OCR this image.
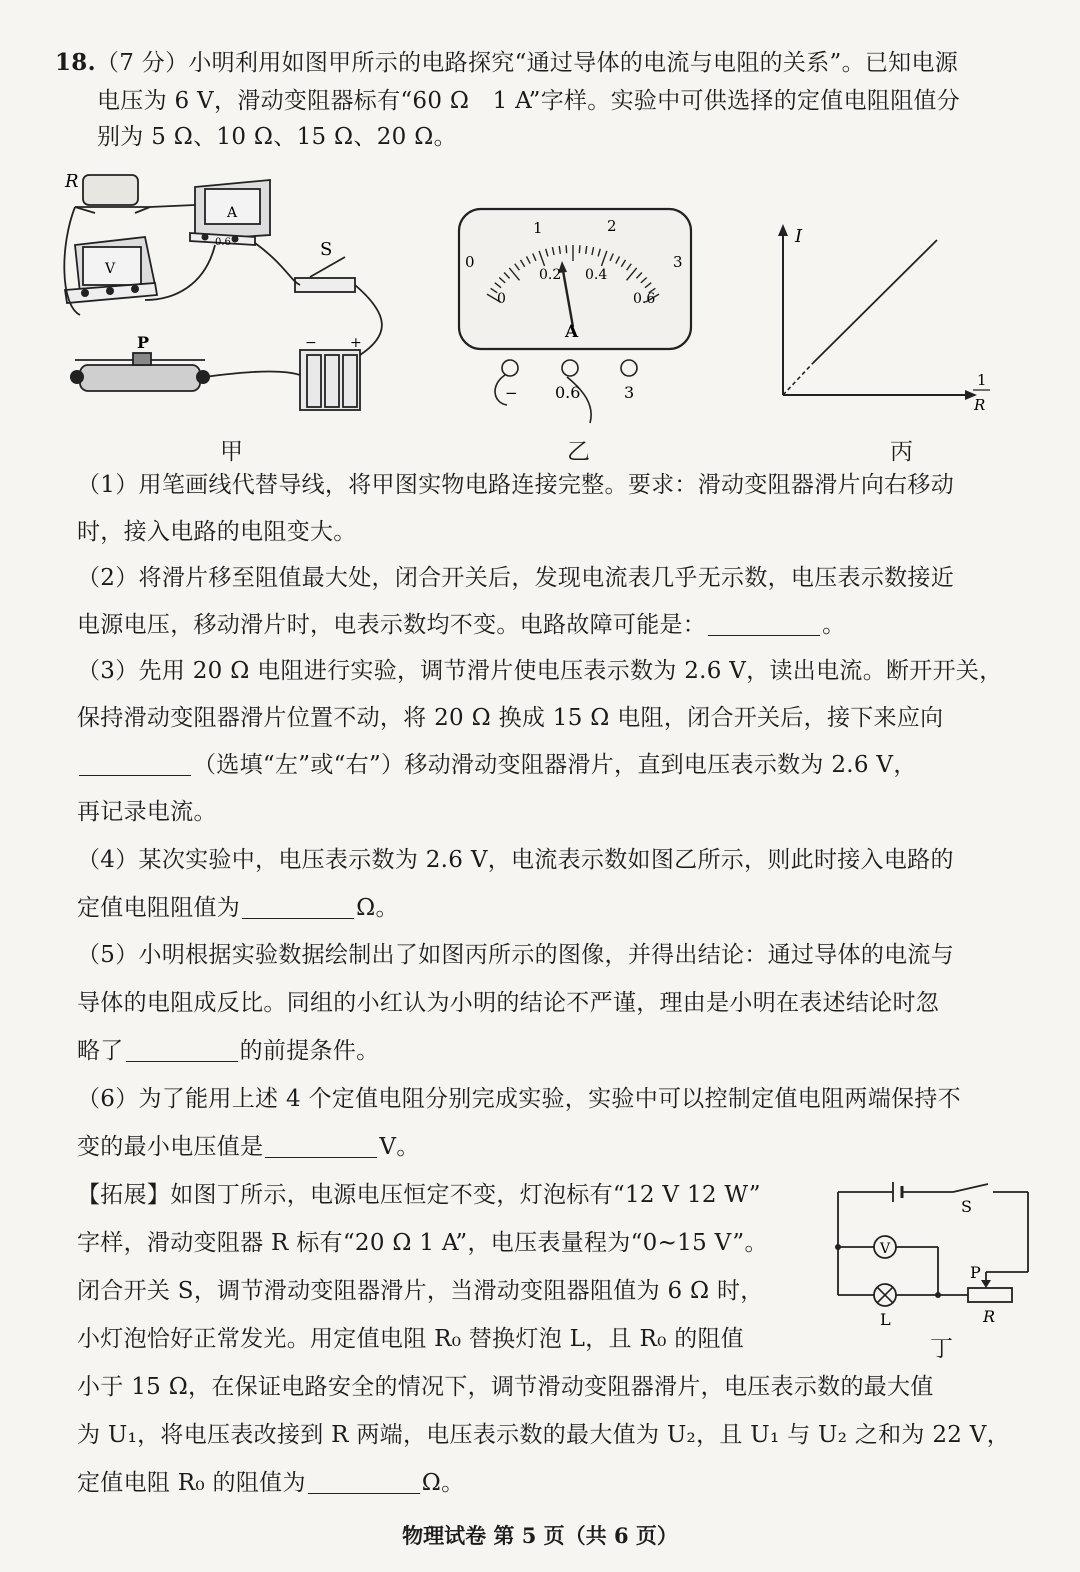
18.（7 分）小明利用如图甲所示的电路探究“通过导体的电流与电阻的关系”。已知电源
电压为 6 V，滑动变阻器标有“60 Ω　1 A”字样。实验中可供选择的定值电阻阻值分
别为 5 Ω、10 Ω、15 Ω、20 Ω。
R
S
P
A
V
0.6
− +
甲
0
1	2
3
0
0.2 0.4
0.6
A
− 0.6	3
乙
I
1
R
丙
（1）用笔画线代替导线，将甲图实物电路连接完整。要求：滑动变阻器滑片向右移动
时，接入电路的电阻变大。
（2）将滑片移至阻值最大处，闭合开关后，发现电流表几乎无示数，电压表示数接近
电源电压，移动滑片时，电表示数均不变。电路故障可能是：	。
（3）先用 20 Ω 电阻进行实验，调节滑片使电压表示数为 2.6 V，读出电流。断开开关，
保持滑动变阻器滑片位置不动，将 20 Ω 换成 15 Ω 电阻，闭合开关后，接下来应向
（选填“左”或“右”）移动滑动变阻器滑片，直到电压表示数为 2.6 V，
再记录电流。
（4）某次实验中，电压表示数为 2.6 V，电流表示数如图乙所示，则此时接入电路的
定值电阻阻值为	Ω。
（5）小明根据实验数据绘制出了如图丙所示的图像，并得出结论：通过导体的电流与
导体的电阻成反比。同组的小红认为小明的结论不严谨，理由是小明在表述结论时忽
略了	的前提条件。
（6）为了能用上述 4 个定值电阻分别完成实验，实验中可以控制定值电阻两端保持不
变的最小电压值是	V。
【拓展】如图丁所示，电源电压恒定不变，灯泡标有“12 V 12 W”
字样，滑动变阻器 R 标有“20 Ω 1 A”，电压表量程为“0~15 V”。
闭合开关 S，调节滑动变阻器滑片，当滑动变阻器阻值为 6 Ω 时，
小灯泡恰好正常发光。用定值电阻 R₀ 替换灯泡 L，且 R₀ 的阻值
小于 15 Ω，在保证电路安全的情况下，调节滑动变阻器滑片，电压表示数的最大值
为 U₁，将电压表改接到 R 两端，电压表示数的最大值为 U₂，且 U₁ 与 U₂ 之和为 22 V，
定值电阻 R₀ 的阻值为	Ω。
V
S
P
R
L
丁
物理试卷 第 5 页（共 6 页）
